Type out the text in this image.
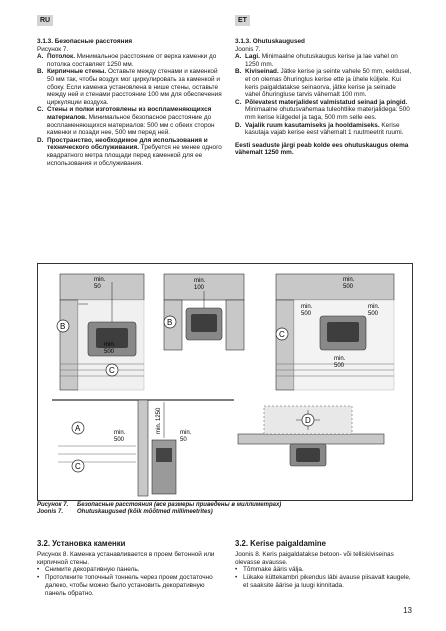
RU	ET

3.1.3. Безопасные расстояния

Рисунок 7.

A. Потолок. Минимальное расстояние от верха каменки до потолка составляет 1250 мм.
B. Кирпичные стены. Оставьте между стенами и каменкой 50 мм так, чтобы воздух мог циркулировать за каменкой и сбоку. Если каменка установлена в нише стены, оставьте между ней и стенами расстояние 100 мм для обеспечения циркуляции воздуха.
C. Стены и полки изготовлены из воспламеняющихся материалов. Минимальное безопасное расстояние до воспламеняющихся материалов: 500 мм с обеих сторон каменки и позади нее, 500 мм перед ней.
D. Пространство, необходимое для использования и технического обслуживания. Требуется не менее одного квадратного метра площади перед каменкой для ее использования и обслуживания.

3.1.3. Ohutuskaugused

Joonis 7.

A. Lagi. Minimaalne ohutuskaugus kerise ja lae vahel on 1250 mm.
B. Kiviseinad. Jätke kerise ja seinte vahele 50 mm, eeldusel, et on olemas õhuringlus kerise ette ja ühele küljele. Kui keris paigaldatakse seinaorva, jätke kerise ja seinade vahel õhuringluse tarvis vähemalt 100 mm.
C. Põlevatest materjalidest valmistatud seinad ja pingid. Minimaalne ohutusvahemaa tuleohtlike materjalidega: 500 mm kerise külgedel ja taga, 500 mm selle ees.
D. Vajalik ruum kasutamiseks ja hooldamiseks. Kerise kasutaja vajab kerise eest vähemalt 1 ruutmeetrit ruumi.

Eesti seaduste järgi peab kolde ees ohutuskaugus olema vähemalt 1250 mm.

min.
50
min.
500
B
C
min.
100
B
min.
500
min.
500
min.
500
min.
500
C
min. 1250
min.
500
min.
50
A
C
D
Рисунок 7.	Безопасные расстояния (все размеры приведены в миллиметрах)
Joonis 7.	Ohutuskaugused (kõik mõõtmed millimeetrites)
3.2. Установка каменки

Рисунок 8. Каменка устанавливается в проем бетонной или кирпичной стены.

• Снимите декоративную панель.
• Протолкните топочный тоннель через проем достаточно далеко, чтобы можно было установить декоративную панель обратно.
3.2. Kerise paigaldamine

Joonis 8. Keris paigaldatakse betoon- või telliskiviseinas olevasse avausse.

• Tõmmake ääris välja.
• Lükake küttekambri pikendus läbi avause piisavalt kaugele, et saaksite äärise ja luugi kinnitada.
13
